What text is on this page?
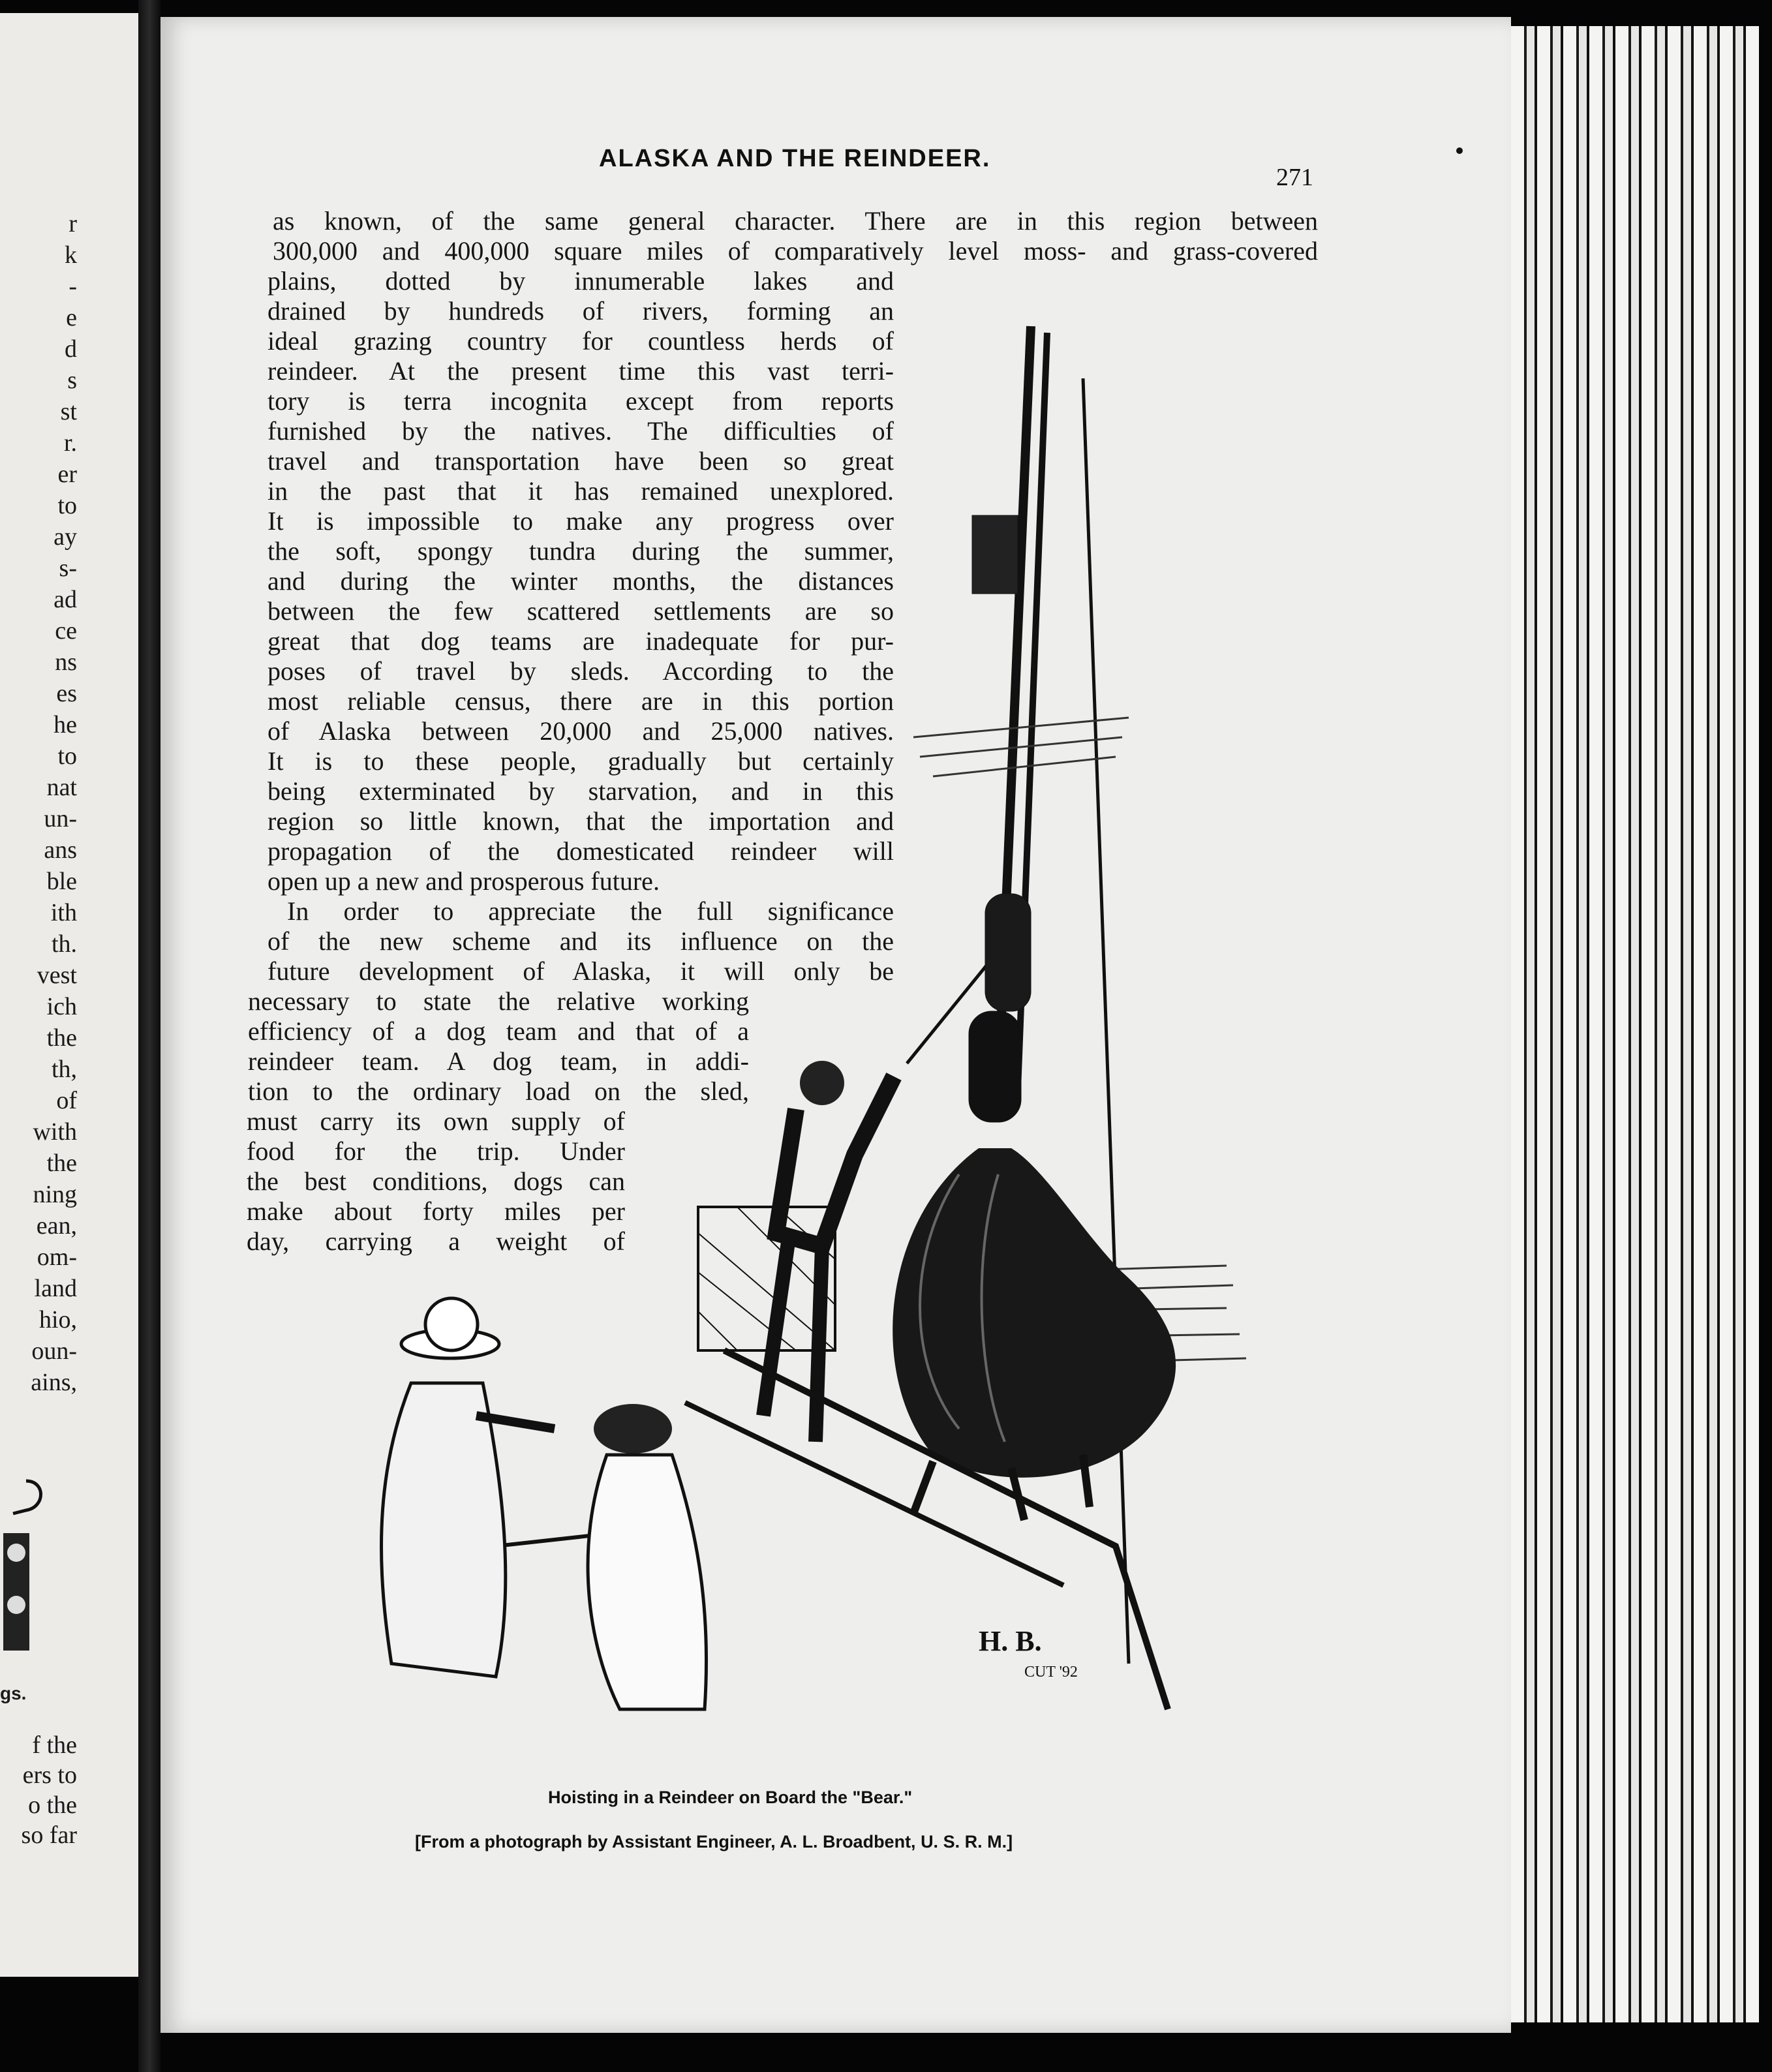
r
k
-
e
d
s
st
r.
er
to
ay
s-
ad
ce
ns
es
he
to
nat
un-
ans
ble
ith
th.
vest
ich
the
th,
of
with
the
ning
ean,
om-
land
hio,
oun-
ains,
gs.
f the
ers to
o the
so far
ALASKA AND THE REINDEER.
271
H. B.
CUT '92
as known, of the same general character. There are in this region between
300,000 and 400,000 square miles of comparatively level moss- and grass-covered
plains, dotted by innumerable lakes and
drained by hundreds of rivers, forming an
ideal grazing country for countless herds of
reindeer. At the present time this vast terri-
tory is terra incognita except from reports
furnished by the natives. The difficulties of
travel and transportation have been so great
in the past that it has remained unexplored.
It is impossible to make any progress over
the soft, spongy tundra during the summer,
and during the winter months, the distances
between the few scattered settlements are so
great that dog teams are inadequate for pur-
poses of travel by sleds. According to the
most reliable census, there are in this portion
of Alaska between 20,000 and 25,000 natives.
It is to these people, gradually but certainly
being exterminated by starvation, and in this
region so little known, that the importation and
propagation of the domesticated reindeer will
open up a new and prosperous future.
In order to appreciate the full significance
of the new scheme and its influence on the
future development of Alaska, it will only be
necessary to state the relative working
efficiency of a dog team and that of a
reindeer team. A dog team, in addi-
tion to the ordinary load on the sled,
must carry its own supply of
food for the trip. Under
the best conditions, dogs can
make about forty miles per
day, carrying a weight of
Hoisting in a Reindeer on Board the "Bear."
[From a photograph by Assistant Engineer, A. L. Broadbent, U. S. R. M.]
